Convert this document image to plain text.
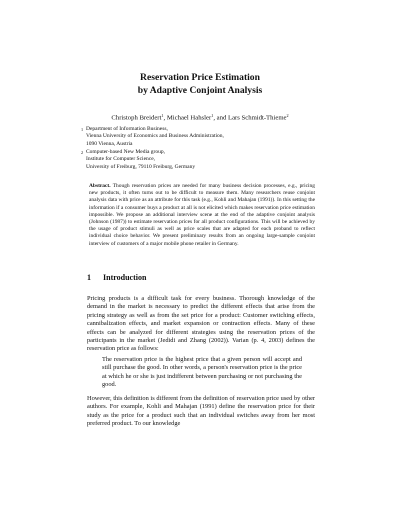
Reservation Price Estimation
by Adaptive Conjoint Analysis
Christoph Breidert$^1$, Michael Hahsler$^1$, and Lars Schmidt-Thieme$^2$
1 Department of Information Business,
Vienna University of Economics and Business Administration,
1090 Vienna, Austria
2 Computer-based New Media group,
Institute for Computer Science,
University of Freiburg, 79110 Freiburg, Germany
Abstract. Though reservation prices are needed for many business decision processes, e.g., pricing new products, it often turns out to be difficult to measure them. Many researchers reuse conjoint analysis data with price as an attribute for this task (e.g., Kohli and Mahajan (1991)). In this setting the information if a consumer buys a product at all is not elicited which makes reservation price estimation impossible. We propose an additional interview scene at the end of the adaptive conjoint analysis (Johnson (1987)) to estimate reservation prices for all product configurations. This will be achieved by the usage of product stimuli as well as price scales that are adapted for each proband to reflect individual choice behavior. We present preliminary results from an ongoing large-sample conjoint interview of customers of a major mobile phone retailer in Germany.
1 Introduction
Pricing products is a difficult task for every business. Thorough knowledge of the demand in the market is necessary to predict the different effects that arise from the pricing strategy as well as from the set price for a product: Customer switching effects, cannibalization effects, and market expansion or contraction effects. Many of these effects can be analyzed for different strategies using the reservation prices of the participants in the market (Jedidi and Zhang (2002)). Varian (p. 4, 2003) defines the reservation price as follows:
The reservation price is the highest price that a given person will accept and still purchase the good. In other words, a person's reservation price is the price at which he or she is just indifferent between purchasing or not purchasing the good.
However, this definition is different from the definition of reservation price used by other authors. For example, Kohli and Mahajan (1991) define the reservation price for their study as the price for a product such that an individual switches away from her most preferred product. To our knowledge
